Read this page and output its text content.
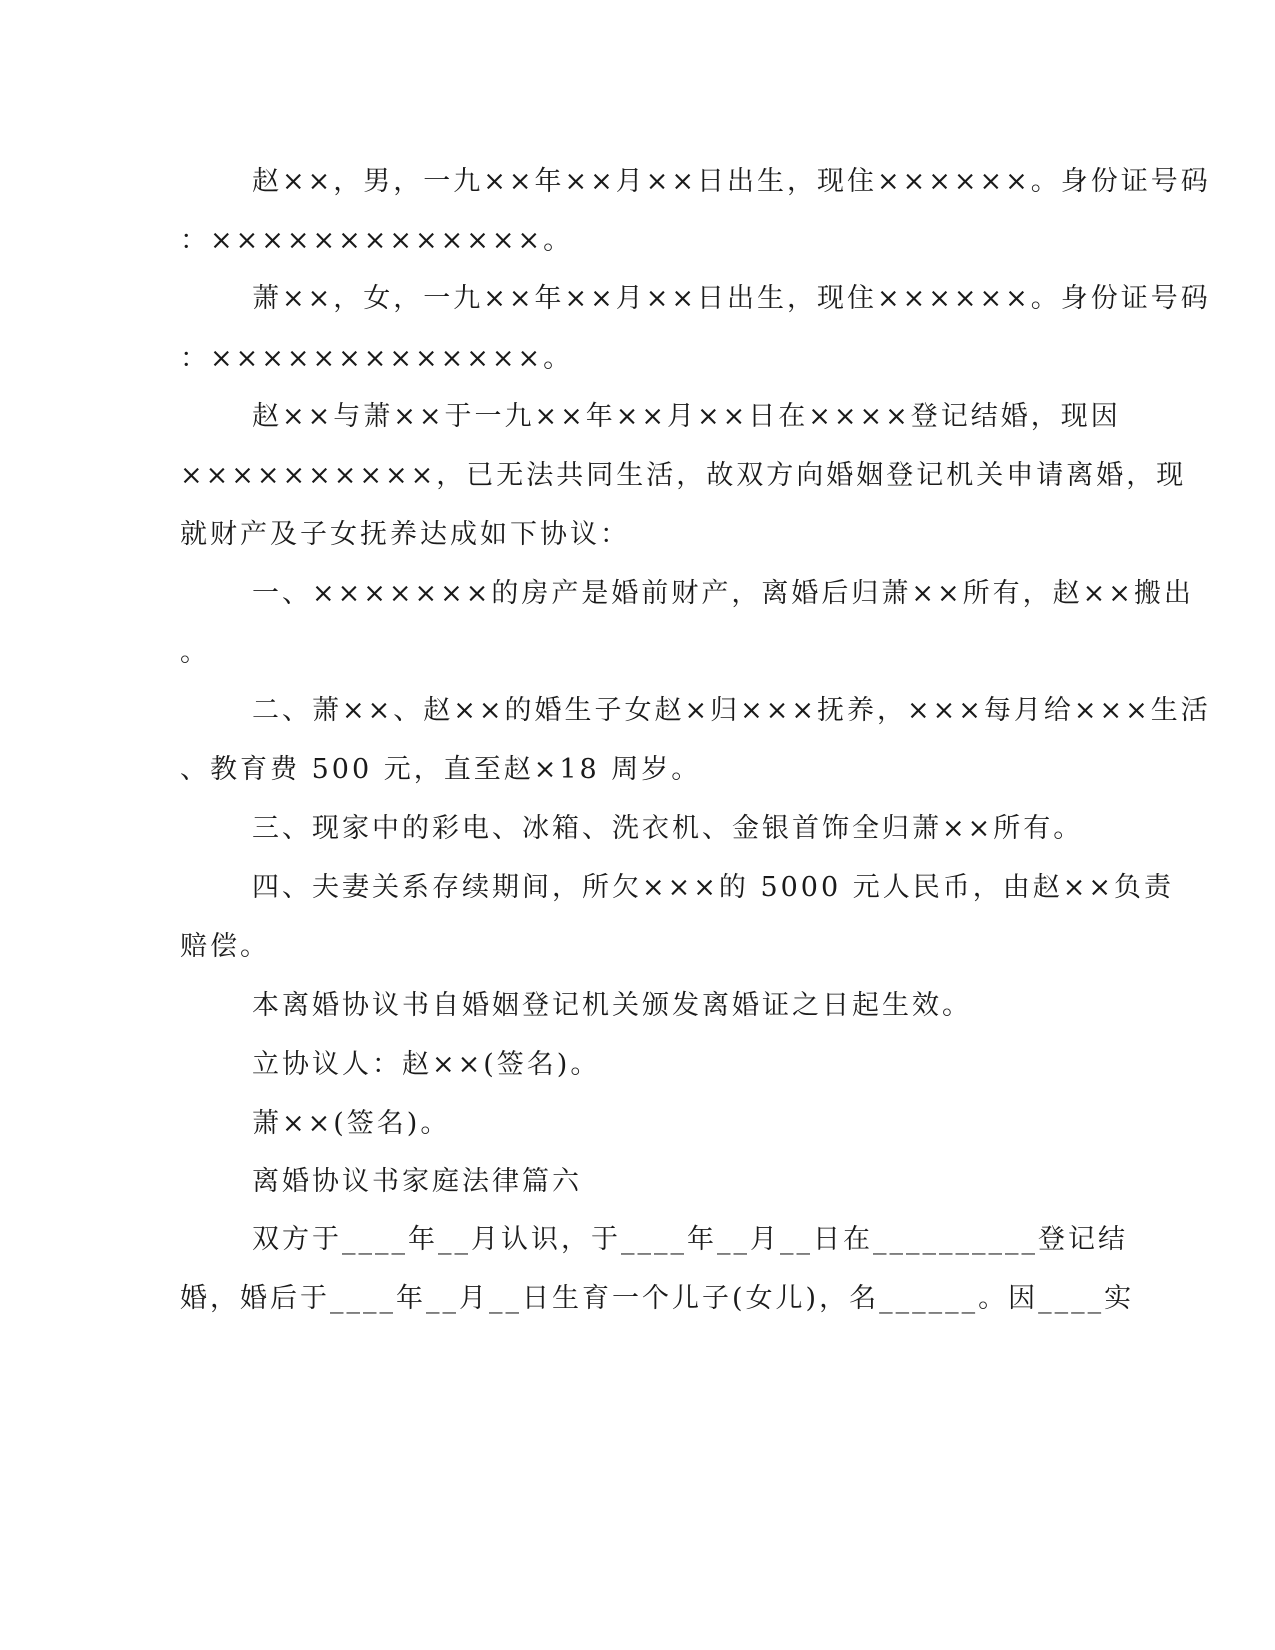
赵××，男，一九××年××月××日出生，现住××××××。身份证号码
：×××××××××××××。
萧××，女，一九××年××月××日出生，现住××××××。身份证号码
：×××××××××××××。
赵××与萧××于一九××年××月××日在××××登记结婚，现因
××××××××××，已无法共同生活，故双方向婚姻登记机关申请离婚，现
就财产及子女抚养达成如下协议：
一、×××××××的房产是婚前财产，离婚后归萧××所有，赵××搬出
。
二、萧××、赵××的婚生子女赵×归×××抚养，×××每月给×××生活
、教育费 500 元，直至赵×18 周岁。
三、现家中的彩电、冰箱、洗衣机、金银首饰全归萧××所有。
四、夫妻关系存续期间，所欠×××的 5000 元人民币，由赵××负责
赔偿。
本离婚协议书自婚姻登记机关颁发离婚证之日起生效。
立协议人：赵××(签名)。
萧××(签名)。
离婚协议书家庭法律篇六
双方于____年__月认识，于____年__月__日在__________登记结
婚，婚后于____年__月__日生育一个儿子(女儿)，名______。因____实
